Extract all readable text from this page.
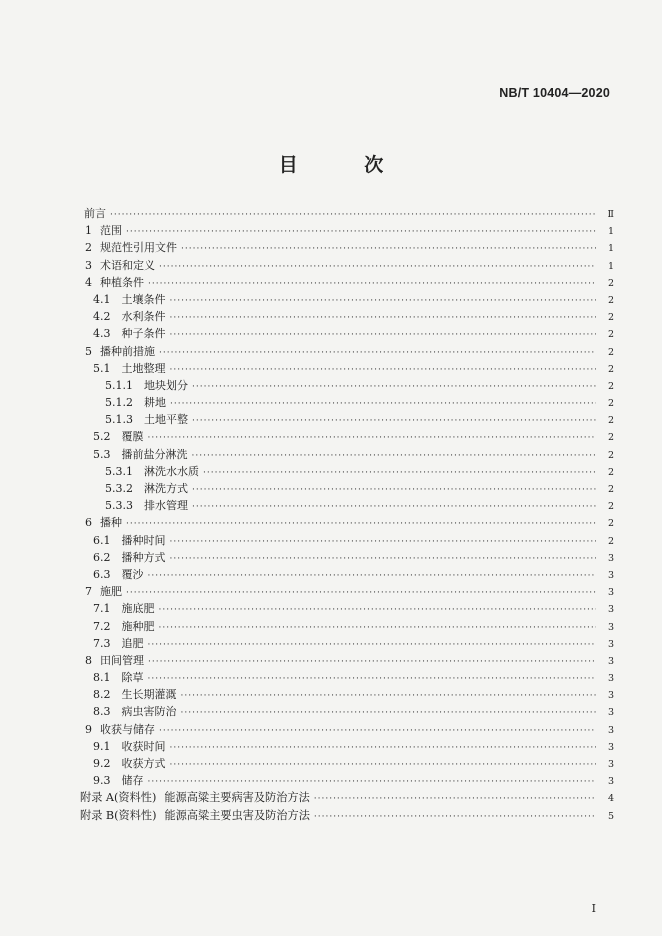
NB/T 10404—2020
目 次
前言 ·····	Ⅱ
1 范围 ·····	1
2 规范性引用文件 ·····	1
3 术语和定义 ·····	1
4 种植条件 ·····	2
4.1 土壤条件 ·····	2
4.2 水利条件 ·····	2
4.3 种子条件 ·····	2
5 播种前措施 ·····	2
5.1 土地整理 ·····	2
5.1.1 地块划分 ·····	2
5.1.2 耕地 ·····	2
5.1.3 土地平整 ·····	2
5.2 覆膜 ·····	2
5.3 播前盐分淋洗 ·····	2
5.3.1 淋洗水水质 ·····	2
5.3.2 淋洗方式 ·····	2
5.3.3 排水管理 ·····	2
6 播种 ·····	2
6.1 播种时间 ·····	2
6.2 播种方式 ·····	3
6.3 覆沙 ·····	3
7 施肥 ·····	3
7.1 施底肥 ·····	3
7.2 施种肥 ·····	3
7.3 追肥 ·····	3
8 田间管理 ·····	3
8.1 除草 ·····	3
8.2 生长期灌溉 ·····	3
8.3 病虫害防治 ·····	3
9 收获与储存 ·····	3
9.1 收获时间 ·····	3
9.2 收获方式 ·····	3
9.3 储存 ·····	3
附录 A(资料性) 能源高粱主要病害及防治方法 ·····	4
附录 B(资料性) 能源高粱主要虫害及防治方法 ·····	5
I
